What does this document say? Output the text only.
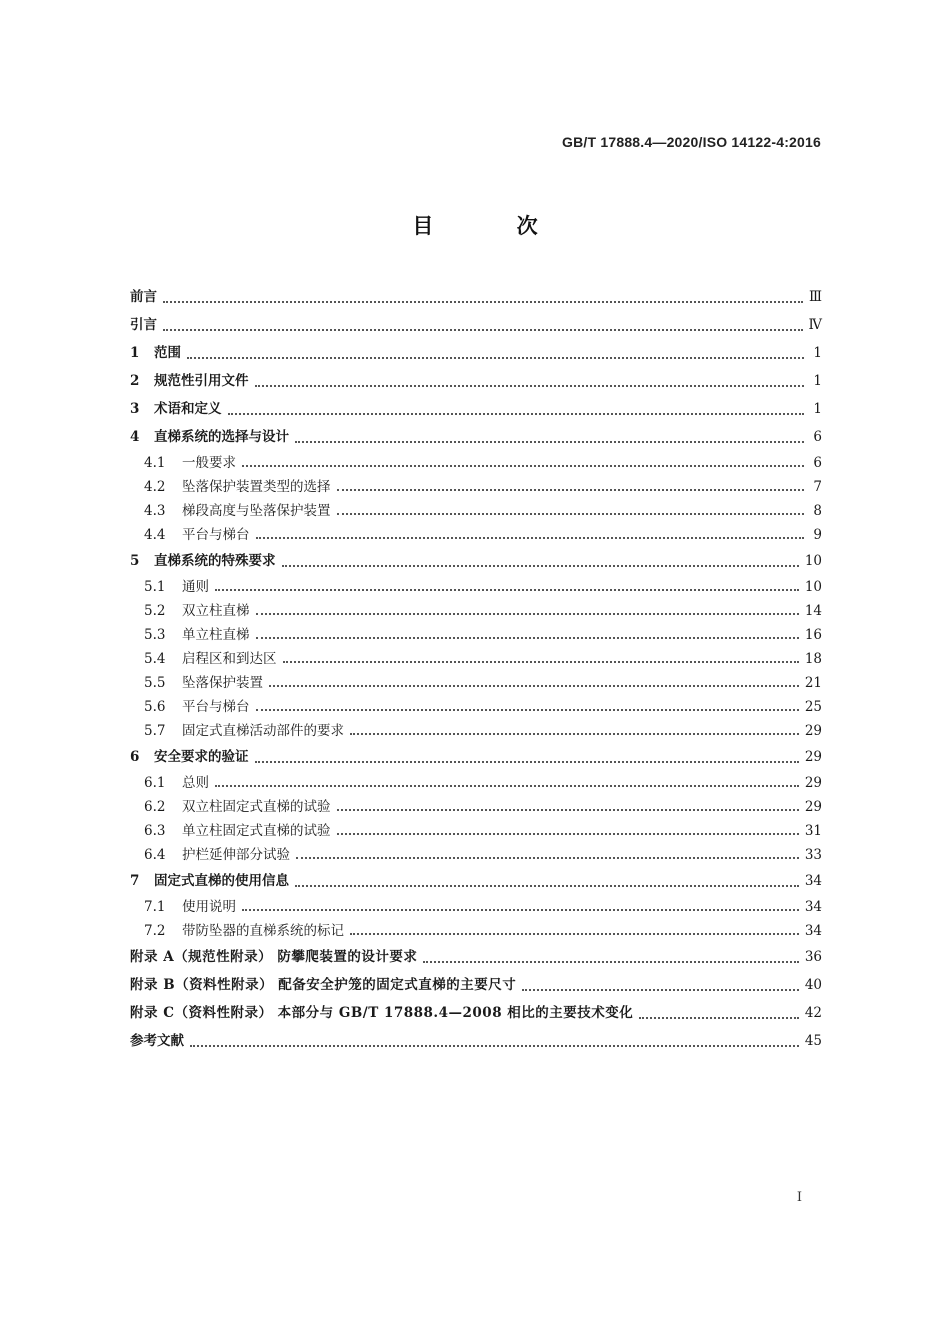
GB/T 17888.4—2020/ISO 14122-4:2016
目 次
前言	Ⅲ
引言	Ⅳ
1 范围	1
2 规范性引用文件	1
3 术语和定义	1
4 直梯系统的选择与设计	6
4.1 一般要求	6
4.2 坠落保护装置类型的选择	7
4.3 梯段高度与坠落保护装置	8
4.4 平台与梯台	9
5 直梯系统的特殊要求	10
5.1 通则	10
5.2 双立柱直梯	14
5.3 单立柱直梯	16
5.4 启程区和到达区	18
5.5 坠落保护装置	21
5.6 平台与梯台	25
5.7 固定式直梯活动部件的要求	29
6 安全要求的验证	29
6.1 总则	29
6.2 双立柱固定式直梯的试验	29
6.3 单立柱固定式直梯的试验	31
6.4 护栏延伸部分试验	33
7 固定式直梯的使用信息	34
7.1 使用说明	34
7.2 带防坠器的直梯系统的标记	34
附录 A（规范性附录） 防攀爬装置的设计要求	36
附录 B（资料性附录） 配备安全护笼的固定式直梯的主要尺寸	40
附录 C（资料性附录） 本部分与 GB/T 17888.4—2008 相比的主要技术变化	42
参考文献	45
I
